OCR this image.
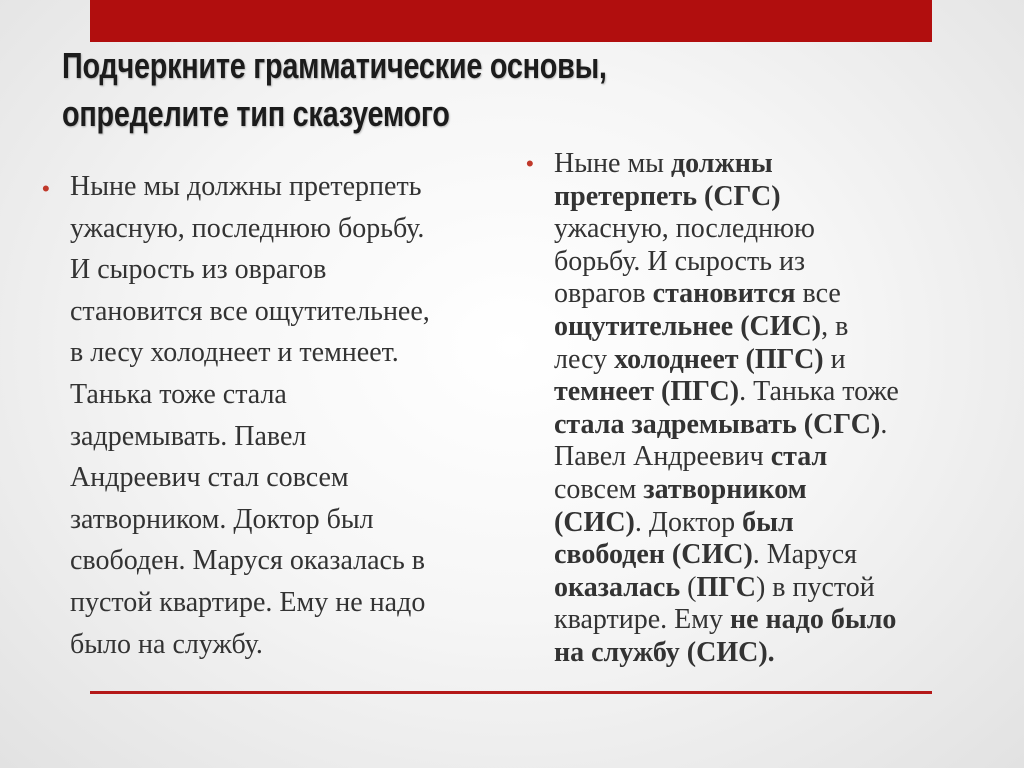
Подчеркните грамматические основы,
определите тип сказуемого
• Ныне мы должны претерпеть
ужасную, последнюю борьбу.
И сырость из оврагов
становится все ощутительнее,
в лесу холоднеет и темнеет.
Танька тоже стала
задремывать. Павел
Андреевич стал совсем
затворником. Доктор был
свободен. Маруся оказалась в
пустой квартире. Ему не надо
было на службу.
• Ныне мы должны
претерпеть (СГС)
ужасную, последнюю
борьбу. И сырость из
оврагов становится все
ощутительнее (СИС), в
лесу холоднеет (ПГС) и
темнеет (ПГС). Танька тоже
стала задремывать (СГС).
Павел Андреевич стал
совсем затворником
(СИС). Доктор был
свободен (СИС). Маруся
оказалась (ПГС) в пустой
квартире. Ему не надо было
на службу (СИС).
